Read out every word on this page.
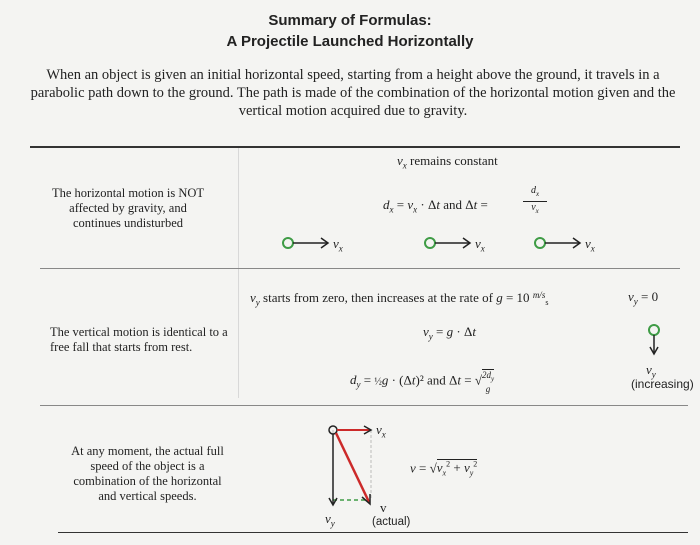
Summary of Formulas:
A Projectile Launched Horizontally
When an object is given an initial horizontal speed, starting from a height above the ground, it travels in a parabolic path down to the ground. The path is made of the combination of the horizontal motion given and the vertical motion acquired due to gravity.
The horizontal motion is NOT affected by gravity, and continues undisturbed
$v_x$ remains constant
$d_x = v_x \cdot \Delta t$ and Δt =
$d_x$

$v_x$
$v_x$	$v_x$	$v_x$
$v_y$ starts from zero, then increases at the rate of g = 10 $^{m/s}_s$
The vertical motion is identical to a free fall that starts from rest.
$v_y = g \cdot \Delta t$
$d_y$ = ½g · (Δt)² and $\Delta t = √2d_y$
g
$v_y = 0$
$v_y$
(increasing)
At any moment, the actual full speed of the object is a combination of the horizontal and vertical speeds.
$v_x$
$v_y$
v
(actual)
$v = √v_x^2 + v_y^2$
